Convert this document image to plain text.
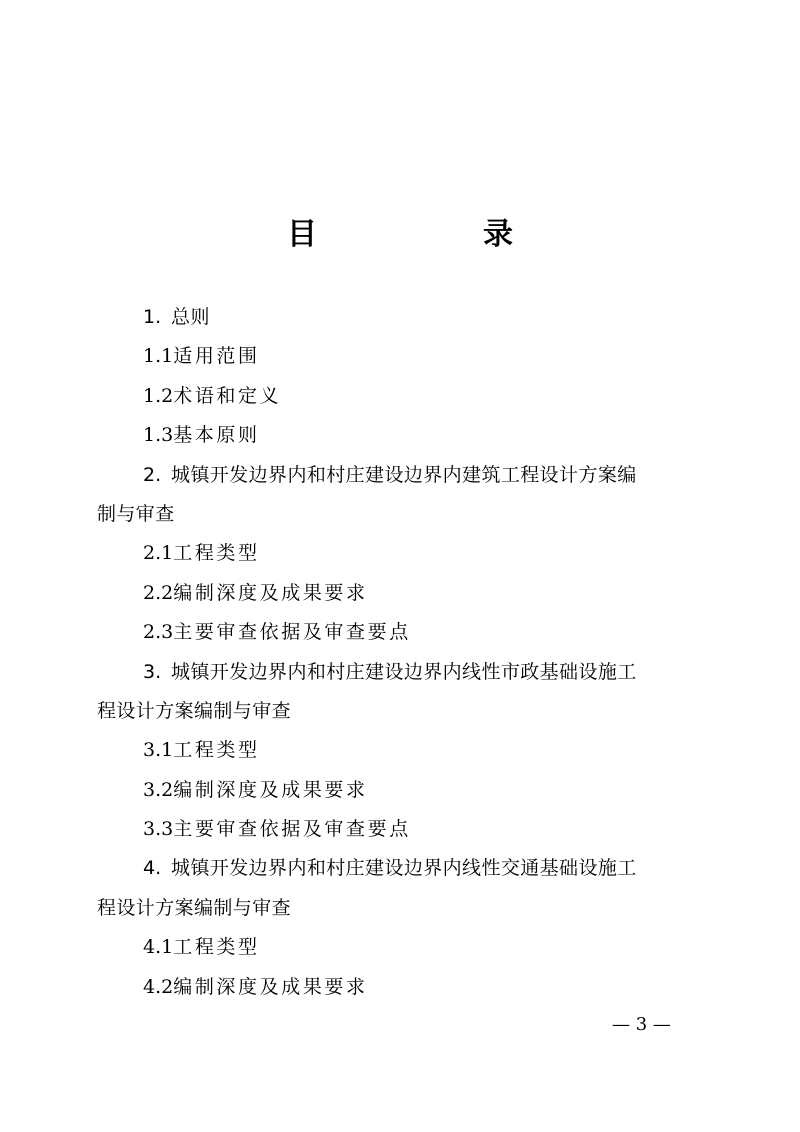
目　录
1.  总则
1.1适用范围
1.2术语和定义
1.3基本原则
2.  城镇开发边界内和村庄建设边界内建筑工程设计方案编
制与审查
2.1工程类型
2.2编制深度及成果要求
2.3主要审查依据及审查要点
3.  城镇开发边界内和村庄建设边界内线性市政基础设施工
程设计方案编制与审查
3.1工程类型
3.2编制深度及成果要求
3.3主要审查依据及审查要点
4.  城镇开发边界内和村庄建设边界内线性交通基础设施工
程设计方案编制与审查
4.1工程类型
4.2编制深度及成果要求
— 3 —
